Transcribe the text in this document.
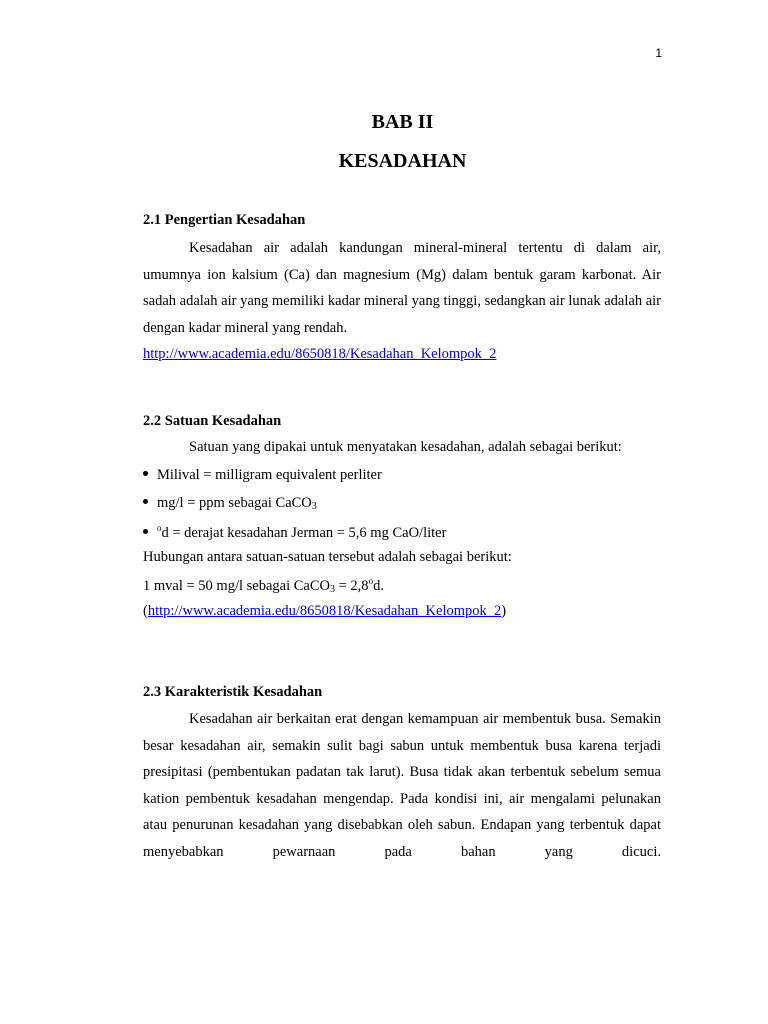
1
BAB II
KESADAHAN
2.1 Pengertian Kesadahan

Kesadahan air adalah kandungan mineral-mineral tertentu di dalam air, umumnya ion kalsium (Ca) dan magnesium (Mg) dalam bentuk garam karbonat. Air sadah adalah air yang memiliki kadar mineral yang tinggi, sedangkan air lunak adalah air dengan kadar mineral yang rendah.

http://www.academia.edu/8650818/Kesadahan_Kelompok_2
2.2 Satuan Kesadahan
Satuan yang dipakai untuk menyatakan kesadahan, adalah sebagai berikut:
Milival = milligram equivalent perliter
mg/l = ppm sebagai CaCO$_3$
$^o$d = derajat kesadahan Jerman = 5,6 mg CaO/liter
Hubungan antara satuan-satuan tersebut adalah sebagai berikut:
1 mval = 50 mg/l sebagai CaCO$_3$ = $2,8^od$.
(http://www.academia.edu/8650818/Kesadahan_Kelompok_2)
2.3 Karakteristik Kesadahan

Kesadahan air berkaitan erat dengan kemampuan air membentuk busa. Semakin besar kesadahan air, semakin sulit bagi sabun untuk membentuk busa karena terjadi presipitasi (pembentukan padatan tak larut). Busa tidak akan terbentuk sebelum semua kation pembentuk kesadahan mengendap. Pada kondisi ini, air mengalami pelunakan atau penurunan kesadahan yang disebabkan oleh sabun. Endapan yang terbentuk dapat menyebabkan pewarnaan pada bahan yang dicuci.
